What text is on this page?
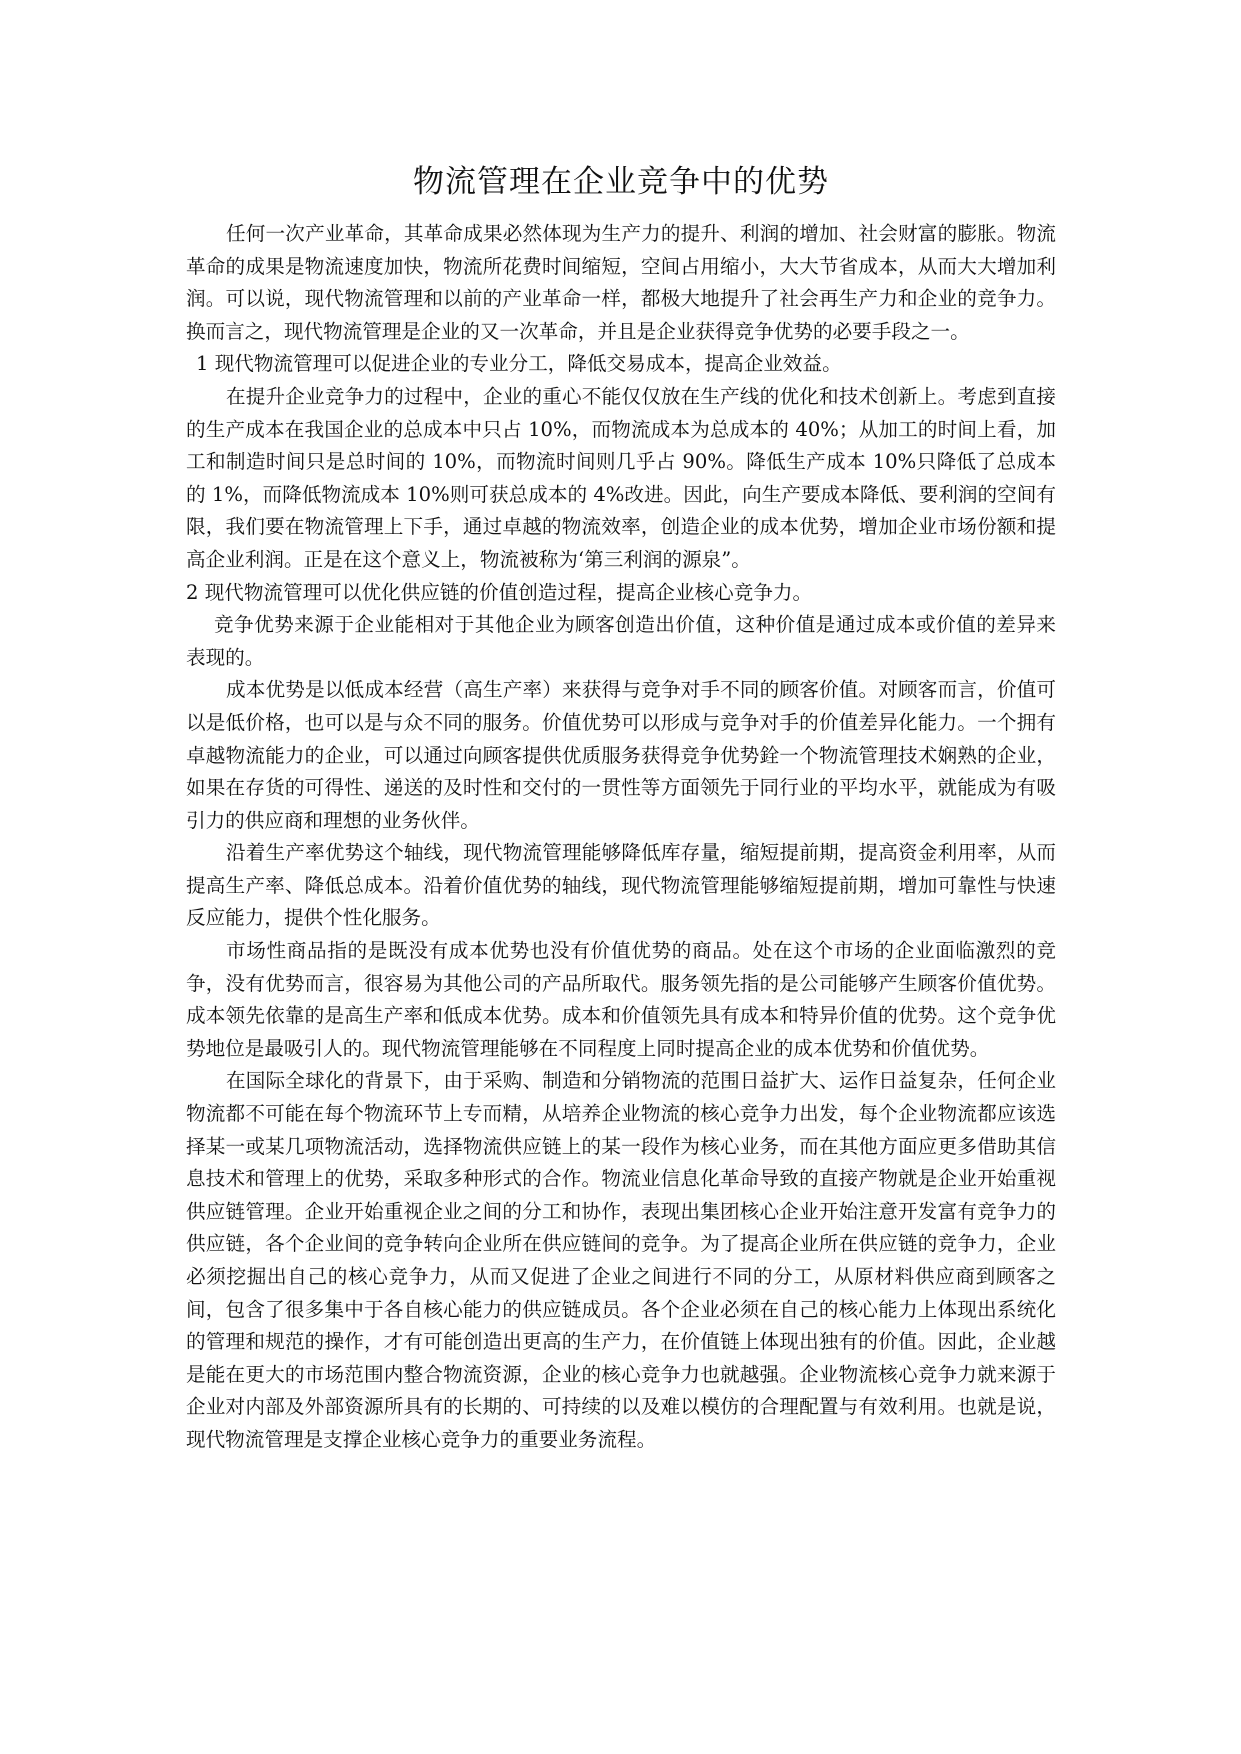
物流管理在企业竞争中的优势

任何一次产业革命，其革命成果必然体现为生产力的提升、利润的增加、社会财富的膨胀。物流革命的成果是物流速度加快，物流所花费时间缩短，空间占用缩小，大大节省成本，从而大大增加利润。可以说，现代物流管理和以前的产业革命一样，都极大地提升了社会再生产力和企业的竞争力。换而言之，现代物流管理是企业的又一次革命，并且是企业获得竞争优势的必要手段之一。

1 现代物流管理可以促进企业的专业分工，降低交易成本，提高企业效益。

在提升企业竞争力的过程中，企业的重心不能仅仅放在生产线的优化和技术创新上。考虑到直接的生产成本在我国企业的总成本中只占 10%，而物流成本为总成本的 40%；从加工的时间上看，加工和制造时间只是总时间的 10%，而物流时间则几乎占 90%。降低生产成本 10%只降低了总成本的 1%，而降低物流成本 10%则可获总成本的 4%改进。因此，向生产要成本降低、要利润的空间有限，我们要在物流管理上下手，通过卓越的物流效率，创造企业的成本优势，增加企业市场份额和提高企业利润。正是在这个意义上，物流被称为‘第三利润的源泉”。

2 现代物流管理可以优化供应链的价值创造过程，提高企业核心竞争力。

竞争优势来源于企业能相对于其他企业为顾客创造出价值，这种价值是通过成本或价值的差异来表现的。

成本优势是以低成本经营（高生产率）来获得与竞争对手不同的顾客价值。对顾客而言，价值可以是低价格，也可以是与众不同的服务。价值优势可以形成与竞争对手的价值差异化能力。一个拥有卓越物流能力的企业，可以通过向顾客提供优质服务获得竞争优势銓一个物流管理技术娴熟的企业，如果在存货的可得性、递送的及时性和交付的一贯性等方面领先于同行业的平均水平，就能成为有吸引力的供应商和理想的业务伙伴。

沿着生产率优势这个轴线，现代物流管理能够降低库存量，缩短提前期，提高资金利用率，从而提高生产率、降低总成本。沿着价值优势的轴线，现代物流管理能够缩短提前期，增加可靠性与快速反应能力，提供个性化服务。

市场性商品指的是既没有成本优势也没有价值优势的商品。处在这个市场的企业面临激烈的竞争，没有优势而言，很容易为其他公司的产品所取代。服务领先指的是公司能够产生顾客价值优势。成本领先依靠的是高生产率和低成本优势。成本和价值领先具有成本和特异价值的优势。这个竞争优势地位是最吸引人的。现代物流管理能够在不同程度上同时提高企业的成本优势和价值优势。

在国际全球化的背景下，由于采购、制造和分销物流的范围日益扩大、运作日益复杂，任何企业物流都不可能在每个物流环节上专而精，从培养企业物流的核心竞争力出发，每个企业物流都应该选择某一或某几项物流活动，选择物流供应链上的某一段作为核心业务，而在其他方面应更多借助其信息技术和管理上的优势，采取多种形式的合作。物流业信息化革命导致的直接产物就是企业开始重视供应链管理。企业开始重视企业之间的分工和协作，表现出集团核心企业开始注意开发富有竞争力的供应链，各个企业间的竞争转向企业所在供应链间的竞争。为了提高企业所在供应链的竞争力，企业必须挖掘出自己的核心竞争力，从而又促进了企业之间进行不同的分工，从原材料供应商到顾客之间，包含了很多集中于各自核心能力的供应链成员。各个企业必须在自己的核心能力上体现出系统化的管理和规范的操作，才有可能创造出更高的生产力，在价值链上体现出独有的价值。因此，企业越是能在更大的市场范围内整合物流资源，企业的核心竞争力也就越强。企业物流核心竞争力就来源于企业对内部及外部资源所具有的长期的、可持续的以及难以模仿的合理配置与有效利用。也就是说，现代物流管理是支撑企业核心竞争力的重要业务流程。
